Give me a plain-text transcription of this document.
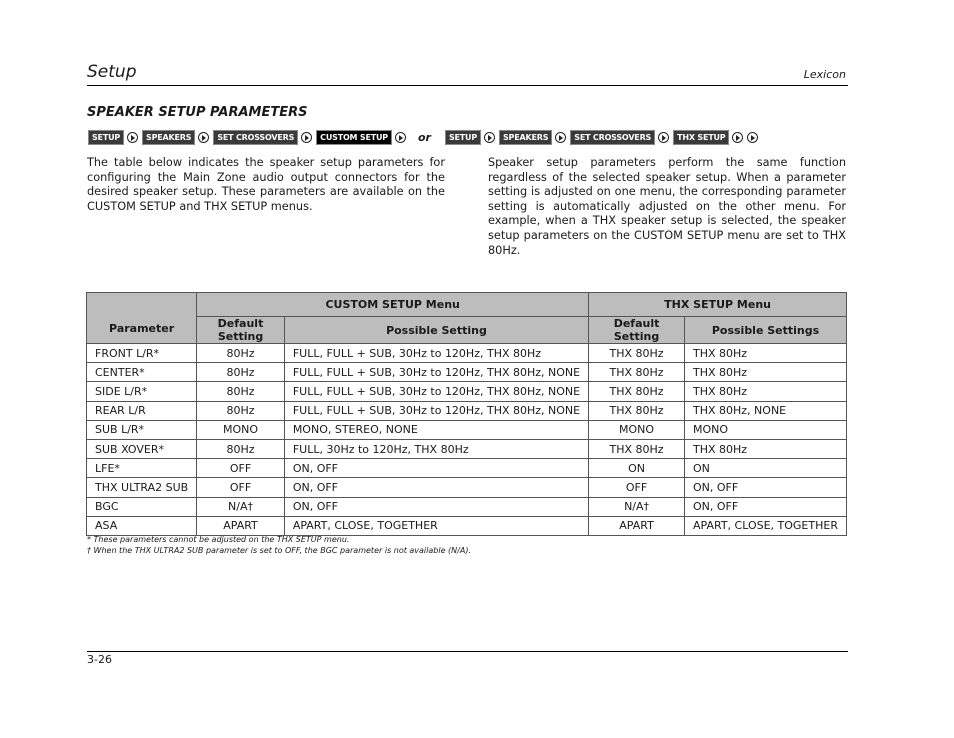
Setup	Lexicon
SPEAKER SETUP PARAMETERS
SETUP	SPEAKERS	SET CROSSOVERS	CUSTOM SETUP	or	SETUP	SPEAKERS	SET CROSSOVERS	THX SETUP

The table below indicates the speaker setup parameters for configuring the Main Zone audio output connectors for the desired speaker setup. These parameters are available on the CUSTOM SETUP and THX SETUP menus.

Speaker setup parameters perform the same function regardless of the selected speaker setup. When a parameter setting is adjusted on one menu, the corresponding parameter setting is automatically adjusted on the other menu. For example, when a THX speaker setup is selected, the speaker setup parameters on the CUSTOM SETUP menu are set to THX 80Hz.

Parameter	CUSTOM SETUP Menu		THX SETUP Menu	
	Default Setting	Possible Setting	Default Setting	Possible Settings
FRONT L/R*	80Hz	FULL, FULL + SUB, 30Hz to 120Hz, THX 80Hz	THX 80Hz	THX 80Hz
CENTER*	80Hz	FULL, FULL + SUB, 30Hz to 120Hz, THX 80Hz, NONE	THX 80Hz	THX 80Hz
SIDE L/R*	80Hz	FULL, FULL + SUB, 30Hz to 120Hz, THX 80Hz, NONE	THX 80Hz	THX 80Hz
REAR L/R	80Hz	FULL, FULL + SUB, 30Hz to 120Hz, THX 80Hz, NONE	THX 80Hz	THX 80Hz, NONE
SUB L/R*	MONO	MONO, STEREO, NONE	MONO	MONO
SUB XOVER*	80Hz	FULL, 30Hz to 120Hz, THX 80Hz	THX 80Hz	THX 80Hz
LFE*	OFF	ON, OFF	ON	ON
THX ULTRA2 SUB	OFF	ON, OFF	OFF	ON, OFF
BGC	N/A†	ON, OFF	N/A†	ON, OFF
ASA	APART	APART, CLOSE, TOGETHER	APART	APART, CLOSE, TOGETHER
* These parameters cannot be adjusted on the THX SETUP menu.
† When the THX ULTRA2 SUB parameter is set to OFF, the BGC parameter is not available (N/A).
3-26
